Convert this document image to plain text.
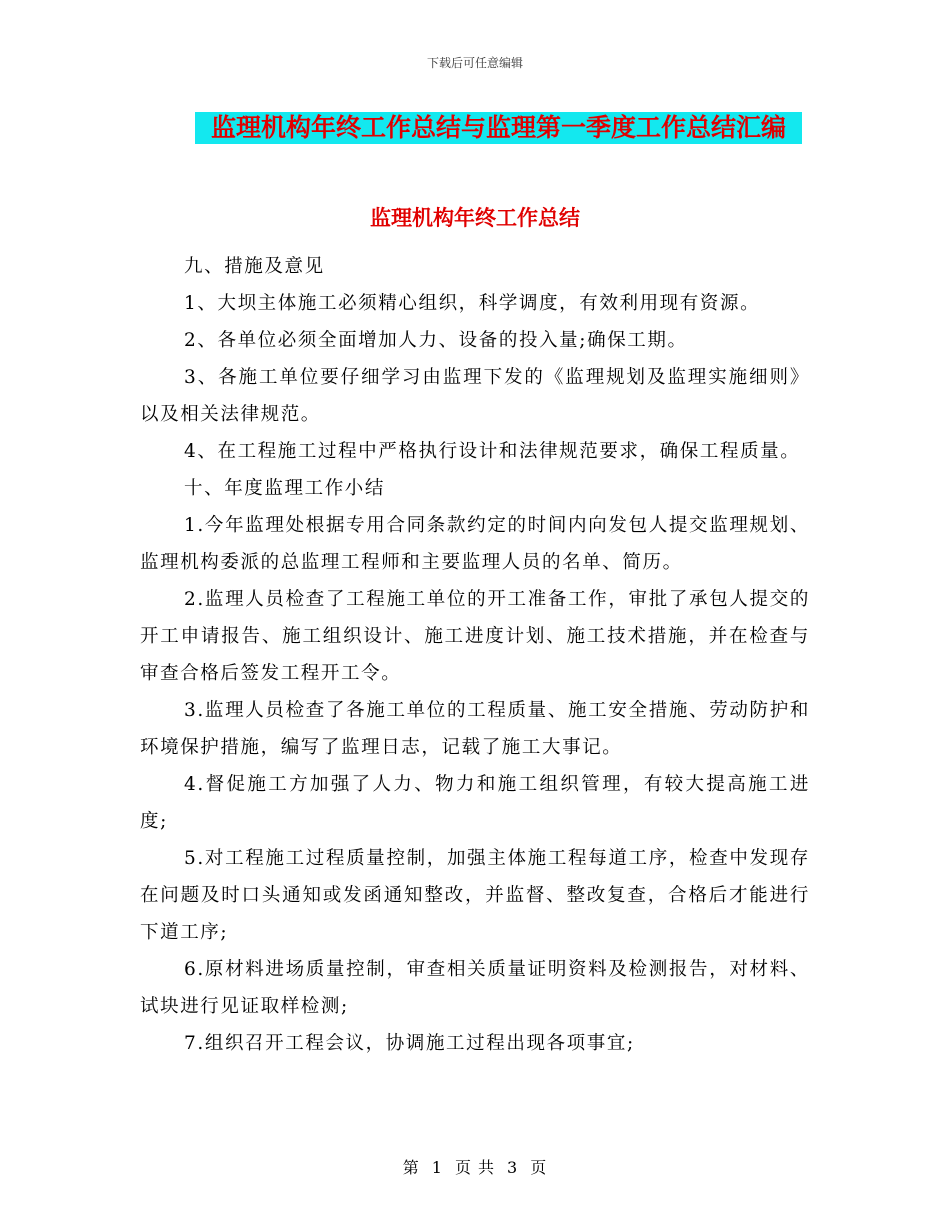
下载后可任意编辑
监理机构年终工作总结与监理第一季度工作总结汇编
监理机构年终工作总结

九、措施及意见

1、大坝主体施工必须精心组织，科学调度，有效利用现有资源。

2、各单位必须全面增加人力、设备的投入量;确保工期。

3、各施工单位要仔细学习由监理下发的《监理规划及监理实施细则》以及相关法律规范。

4、在工程施工过程中严格执行设计和法律规范要求，确保工程质量。

十、年度监理工作小结

1.今年监理处根据专用合同条款约定的时间内向发包人提交监理规划、监理机构委派的总监理工程师和主要监理人员的名单、简历。

2.监理人员检查了工程施工单位的开工准备工作，审批了承包人提交的开工申请报告、施工组织设计、施工进度计划、施工技术措施，并在检查与审查合格后签发工程开工令。

3.监理人员检查了各施工单位的工程质量、施工安全措施、劳动防护和环境保护措施，编写了监理日志，记载了施工大事记。

4.督促施工方加强了人力、物力和施工组织管理，有较大提高施工进度;

5.对工程施工过程质量控制，加强主体施工程每道工序，检查中发现存在问题及时口头通知或发函通知整改，并监督、整改复查，合格后才能进行下道工序;

6.原材料进场质量控制，审查相关质量证明资料及检测报告，对材料、试块进行见证取样检测;

7.组织召开工程会议，协调施工过程出现各项事宜;

第 1 页 共 3 页
